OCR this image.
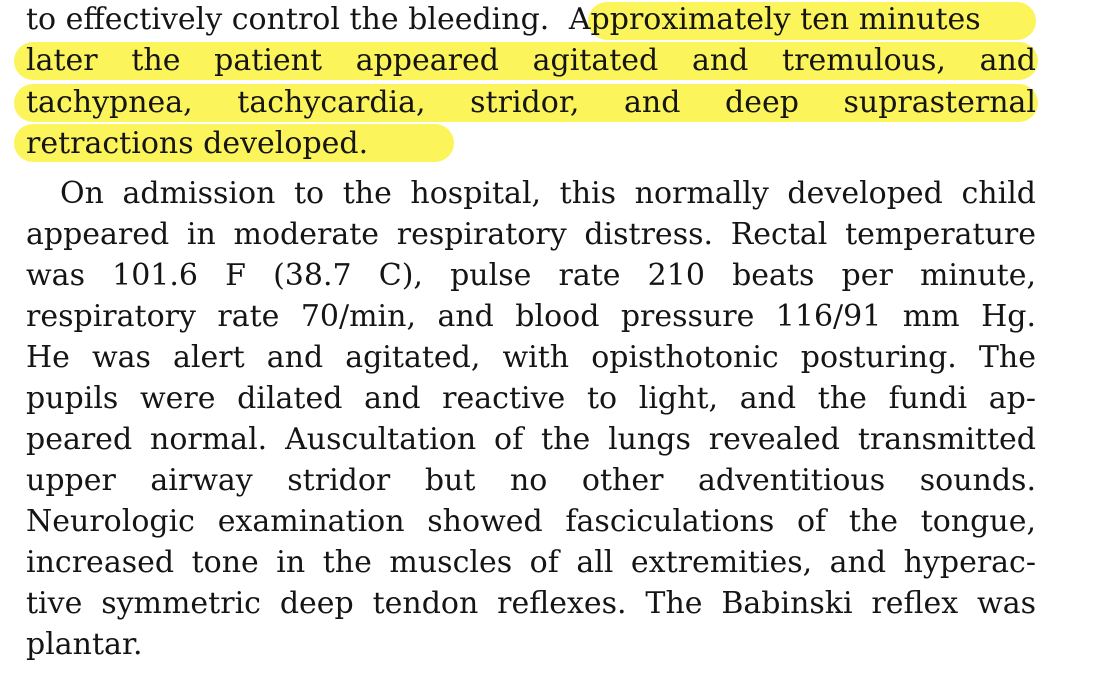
to effectively control the bleeding. Approximately ten minutes
later the patient appeared agitated and tremulous, and
tachypnea, tachycardia, stridor, and deep suprasternal
retractions developed.
On admission to the hospital, this normally developed child
appeared in moderate respiratory distress. Rectal temperature
was 101.6 F (38.7 C), pulse rate 210 beats per minute,
respiratory rate 70/min, and blood pressure 116/91 mm Hg.
He was alert and agitated, with opisthotonic posturing. The
pupils were dilated and reactive to light, and the fundi ap-
peared normal. Auscultation of the lungs revealed transmitted
upper airway stridor but no other adventitious sounds.
Neurologic examination showed fasciculations of the tongue,
increased tone in the muscles of all extremities, and hyperac-
tive symmetric deep tendon reflexes. The Babinski reflex was
plantar.
